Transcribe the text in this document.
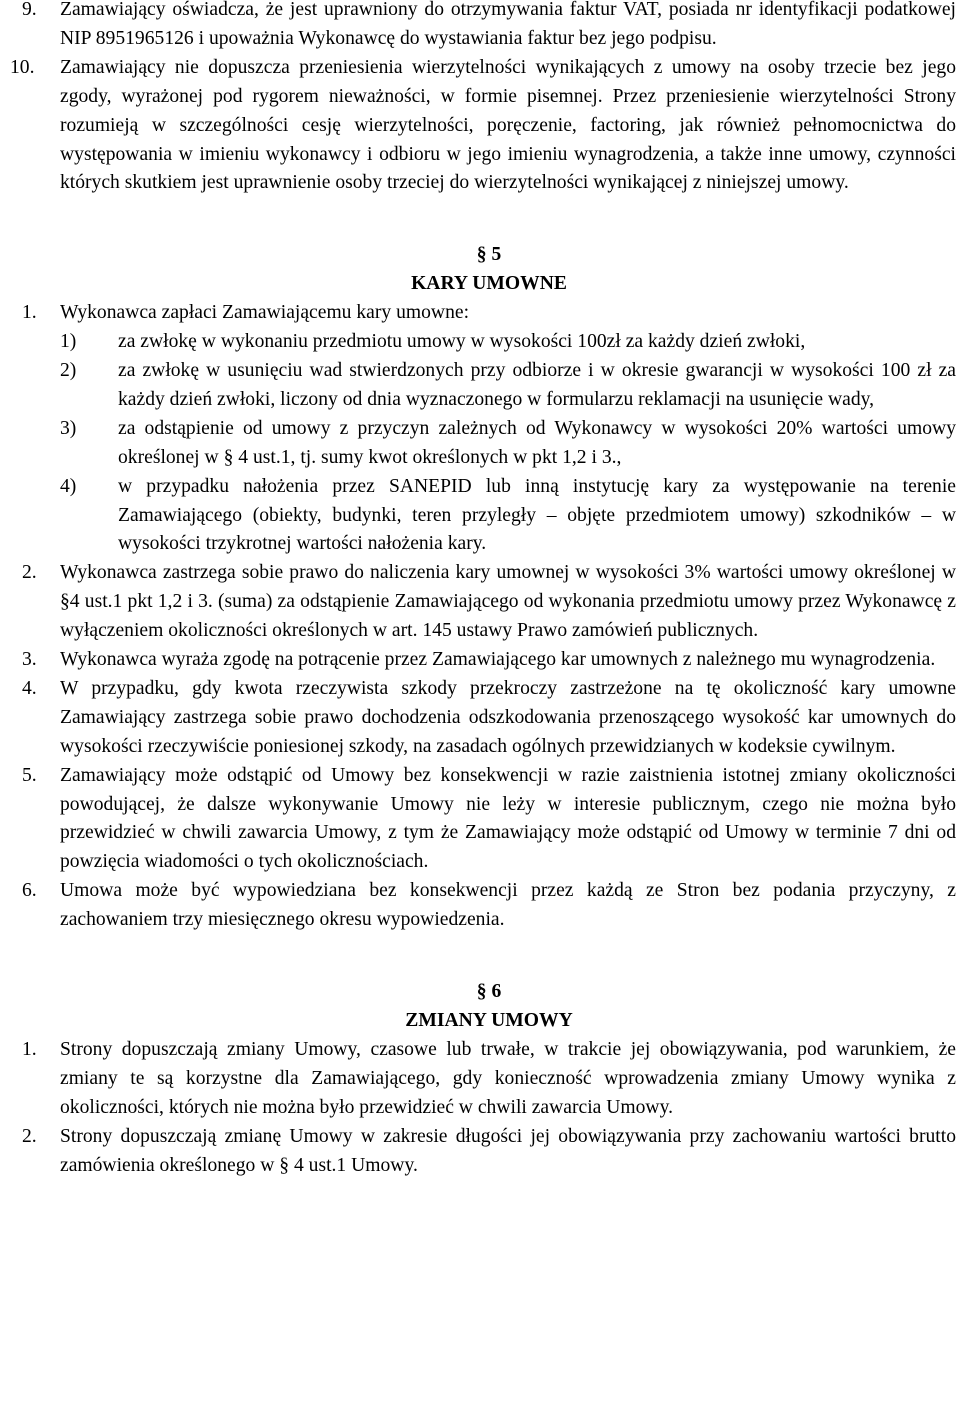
9. Zamawiający oświadcza, że jest uprawniony do otrzymywania faktur VAT, posiada nr identyfikacji podatkowej NIP 8951965126 i upoważnia Wykonawcę do wystawiania faktur bez jego podpisu.
10. Zamawiający nie dopuszcza przeniesienia wierzytelności wynikających z umowy na osoby trzecie bez jego zgody, wyrażonej pod rygorem nieważności, w formie pisemnej. Przez przeniesienie wierzytelności Strony rozumieją w szczególności cesję wierzytelności, poręczenie, factoring, jak również pełnomocnictwa do występowania w imieniu wykonawcy i odbioru w jego imieniu wynagrodzenia, a także inne umowy, czynności których skutkiem jest uprawnienie osoby trzeciej do wierzytelności wynikającej z niniejszej umowy.
§ 5
KARY UMOWNE
1. Wykonawca zapłaci Zamawiającemu kary umowne:
1) za zwłokę w wykonaniu przedmiotu umowy w wysokości 100zł za każdy dzień zwłoki,
2) za zwłokę w usunięciu wad stwierdzonych przy odbiorze i w okresie gwarancji w wysokości 100 zł za każdy dzień zwłoki, liczony od dnia wyznaczonego w formularzu reklamacji na usunięcie wady,
3) za odstąpienie od umowy z przyczyn zależnych od Wykonawcy w wysokości 20% wartości umowy określonej w § 4 ust.1, tj. sumy kwot określonych w pkt 1,2 i 3.,
4) w przypadku nałożenia przez SANEPID lub inną instytucję kary za występowanie na terenie Zamawiającego (obiekty, budynki, teren przyległy – objęte przedmiotem umowy) szkodników – w wysokości trzykrotnej wartości nałożenia kary.
2. Wykonawca zastrzega sobie prawo do naliczenia kary umownej w wysokości 3% wartości umowy określonej w §4 ust.1 pkt 1,2 i 3. (suma) za odstąpienie Zamawiającego od wykonania przedmiotu umowy przez Wykonawcę z wyłączeniem okoliczności określonych w art. 145 ustawy Prawo zamówień publicznych.
3. Wykonawca wyraża zgodę na potrącenie przez Zamawiającego kar umownych z należnego mu wynagrodzenia.
4. W przypadku, gdy kwota rzeczywista szkody przekroczy zastrzeżone na tę okoliczność kary umowne Zamawiający zastrzega sobie prawo dochodzenia odszkodowania przenoszącego wysokość kar umownych do wysokości rzeczywiście poniesionej szkody, na zasadach ogólnych przewidzianych w kodeksie cywilnym.
5. Zamawiający może odstąpić od Umowy bez konsekwencji w razie zaistnienia istotnej zmiany okoliczności powodującej, że dalsze wykonywanie Umowy nie leży w interesie publicznym, czego nie można było przewidzieć w chwili zawarcia Umowy, z tym że Zamawiający może odstąpić od Umowy w terminie 7 dni od powzięcia wiadomości o tych okolicznościach.
6. Umowa może być wypowiedziana bez konsekwencji przez każdą ze Stron bez podania przyczyny, z zachowaniem trzy miesięcznego okresu wypowiedzenia.
§ 6
ZMIANY UMOWY
1. Strony dopuszczają zmiany Umowy, czasowe lub trwałe, w trakcie jej obowiązywania, pod warunkiem, że zmiany te są korzystne dla Zamawiającego, gdy konieczność wprowadzenia zmiany Umowy wynika z okoliczności, których nie można było przewidzieć w chwili zawarcia Umowy.
2. Strony dopuszczają zmianę Umowy w zakresie długości jej obowiązywania przy zachowaniu wartości brutto zamówienia określonego w § 4 ust.1 Umowy.
